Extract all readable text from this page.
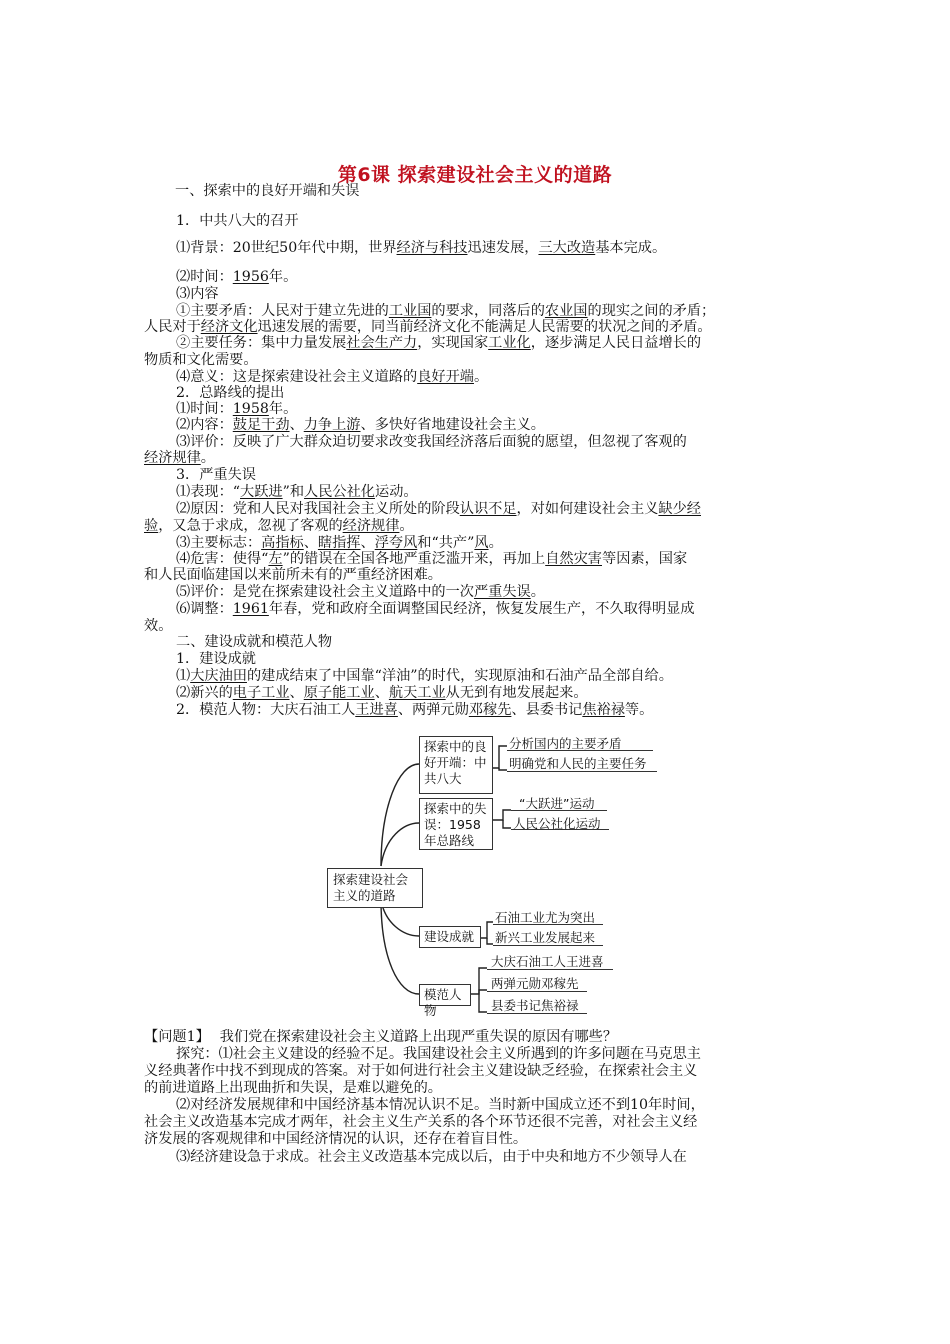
第6课 探索建设社会主义的道路
一、探索中的良好开端和失误
1．中共八大的召开
⑴背景：20世纪50年代中期，世界经济与科技迅速发展，三大改造基本完成。
⑵时间：1956年。
⑶内容
①主要矛盾：人民对于建立先进的工业国的要求，同落后的农业国的现实之间的矛盾；
人民对于经济文化迅速发展的需要，同当前经济文化不能满足人民需要的状况之间的矛盾。
②主要任务：集中力量发展社会生产力，实现国家工业化，逐步满足人民日益增长的
物质和文化需要。
⑷意义：这是探索建设社会主义道路的良好开端。
2．总路线的提出
⑴时间：1958年。
⑵内容：鼓足干劲、力争上游、多快好省地建设社会主义。
⑶评价：反映了广大群众迫切要求改变我国经济落后面貌的愿望，但忽视了客观的
经济规律。
3．严重失误
⑴表现：“大跃进”和人民公社化运动。
⑵原因：党和人民对我国社会主义所处的阶段认识不足，对如何建设社会主义缺少经
验，又急于求成，忽视了客观的经济规律。
⑶主要标志：高指标、瞎指挥、浮夸风和“共产”风。
⑷危害：使得“左”的错误在全国各地严重泛滥开来，再加上自然灾害等因素，国家
和人民面临建国以来前所未有的严重经济困难。
⑸评价：是党在探索建设社会主义道路中的一次严重失误。
⑹调整：1961年春，党和政府全面调整国民经济，恢复发展生产，不久取得明显成
效。
二、建设成就和模范人物
1．建设成就
⑴大庆油田的建成结束了中国靠“洋油”的时代，实现原油和石油产品全部自给。
⑵新兴的电子工业、原子能工业、航天工业从无到有地发展起来。
2．模范人物：大庆石油工人王进喜、两弹元勋邓稼先、县委书记焦裕禄等。
探索建设社会主义的道路
探索中的良好开端：中共八大
分析国内的主要矛盾
明确党和人民的主要任务
探索中的失误：1958年总路线
“大跃进”运动
人民公社化运动
建设成就
石油工业尤为突出
新兴工业发展起来
模范人物
大庆石油工人王进喜
两弹元勋邓稼先
县委书记焦裕禄
【问题1】 我们党在探索建设社会主义道路上出现严重失误的原因有哪些？
探究：⑴社会主义建设的经验不足。我国建设社会主义所遇到的许多问题在马克思主
义经典著作中找不到现成的答案。对于如何进行社会主义建设缺乏经验，在探索社会主义
的前进道路上出现曲折和失误，是难以避免的。
⑵对经济发展规律和中国经济基本情况认识不足。当时新中国成立还不到10年时间，
社会主义改造基本完成才两年，社会主义生产关系的各个环节还很不完善，对社会主义经
济发展的客观规律和中国经济情况的认识，还存在着盲目性。
⑶经济建设急于求成。社会主义改造基本完成以后，由于中央和地方不少领导人在
